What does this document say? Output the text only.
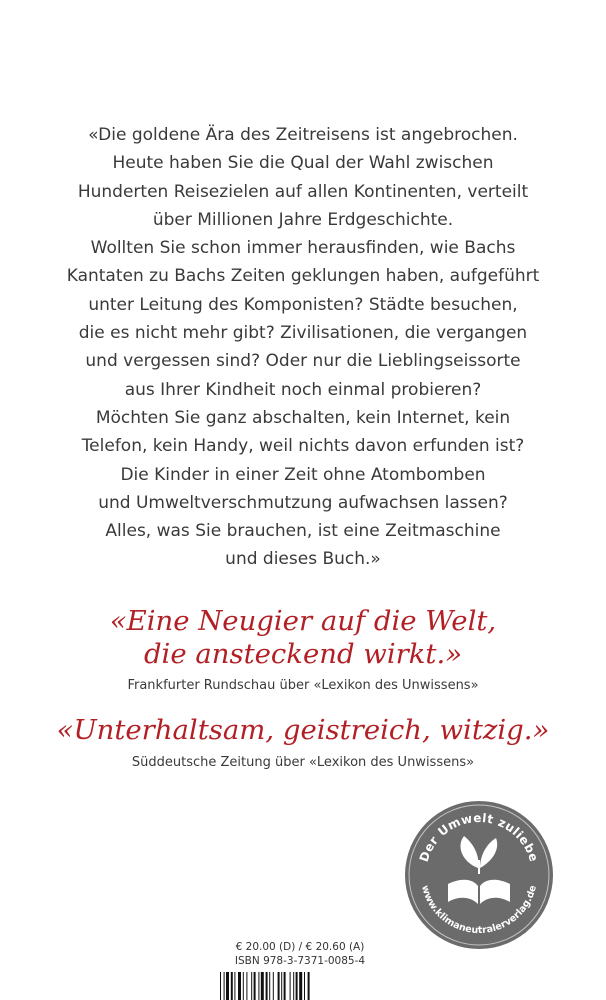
«Die goldene Ära des Zeitreisens ist angebrochen.
Heute haben Sie die Qual der Wahl zwischen
Hunderten Reisezielen auf allen Kontinenten, verteilt
über Millionen Jahre Erdgeschichte.
Wollten Sie schon immer herausfinden, wie Bachs
Kantaten zu Bachs Zeiten geklungen haben, aufgeführt
unter Leitung des Komponisten? Städte besuchen,
die es nicht mehr gibt? Zivilisationen, die vergangen
und vergessen sind? Oder nur die Lieblingseissorte
aus Ihrer Kindheit noch einmal probieren?
Möchten Sie ganz abschalten, kein Internet, kein
Telefon, kein Handy, weil nichts davon erfunden ist?
Die Kinder in einer Zeit ohne Atombomben
und Umweltverschmutzung aufwachsen lassen?
Alles, was Sie brauchen, ist eine Zeitmaschine
und dieses Buch.»
«Eine Neugier auf die Welt,
die ansteckend wirkt.»
Frankfurter Rundschau über «Lexikon des Unwissens»
«Unterhaltsam, geistreich, witzig.»
Süddeutsche Zeitung über «Lexikon des Unwissens»
Der Umwelt zuliebe
www.klimaneutralerverlag.de
€ 20.00 (D) / € 20.60 (A)
ISBN 978-3-7371-0085-4
